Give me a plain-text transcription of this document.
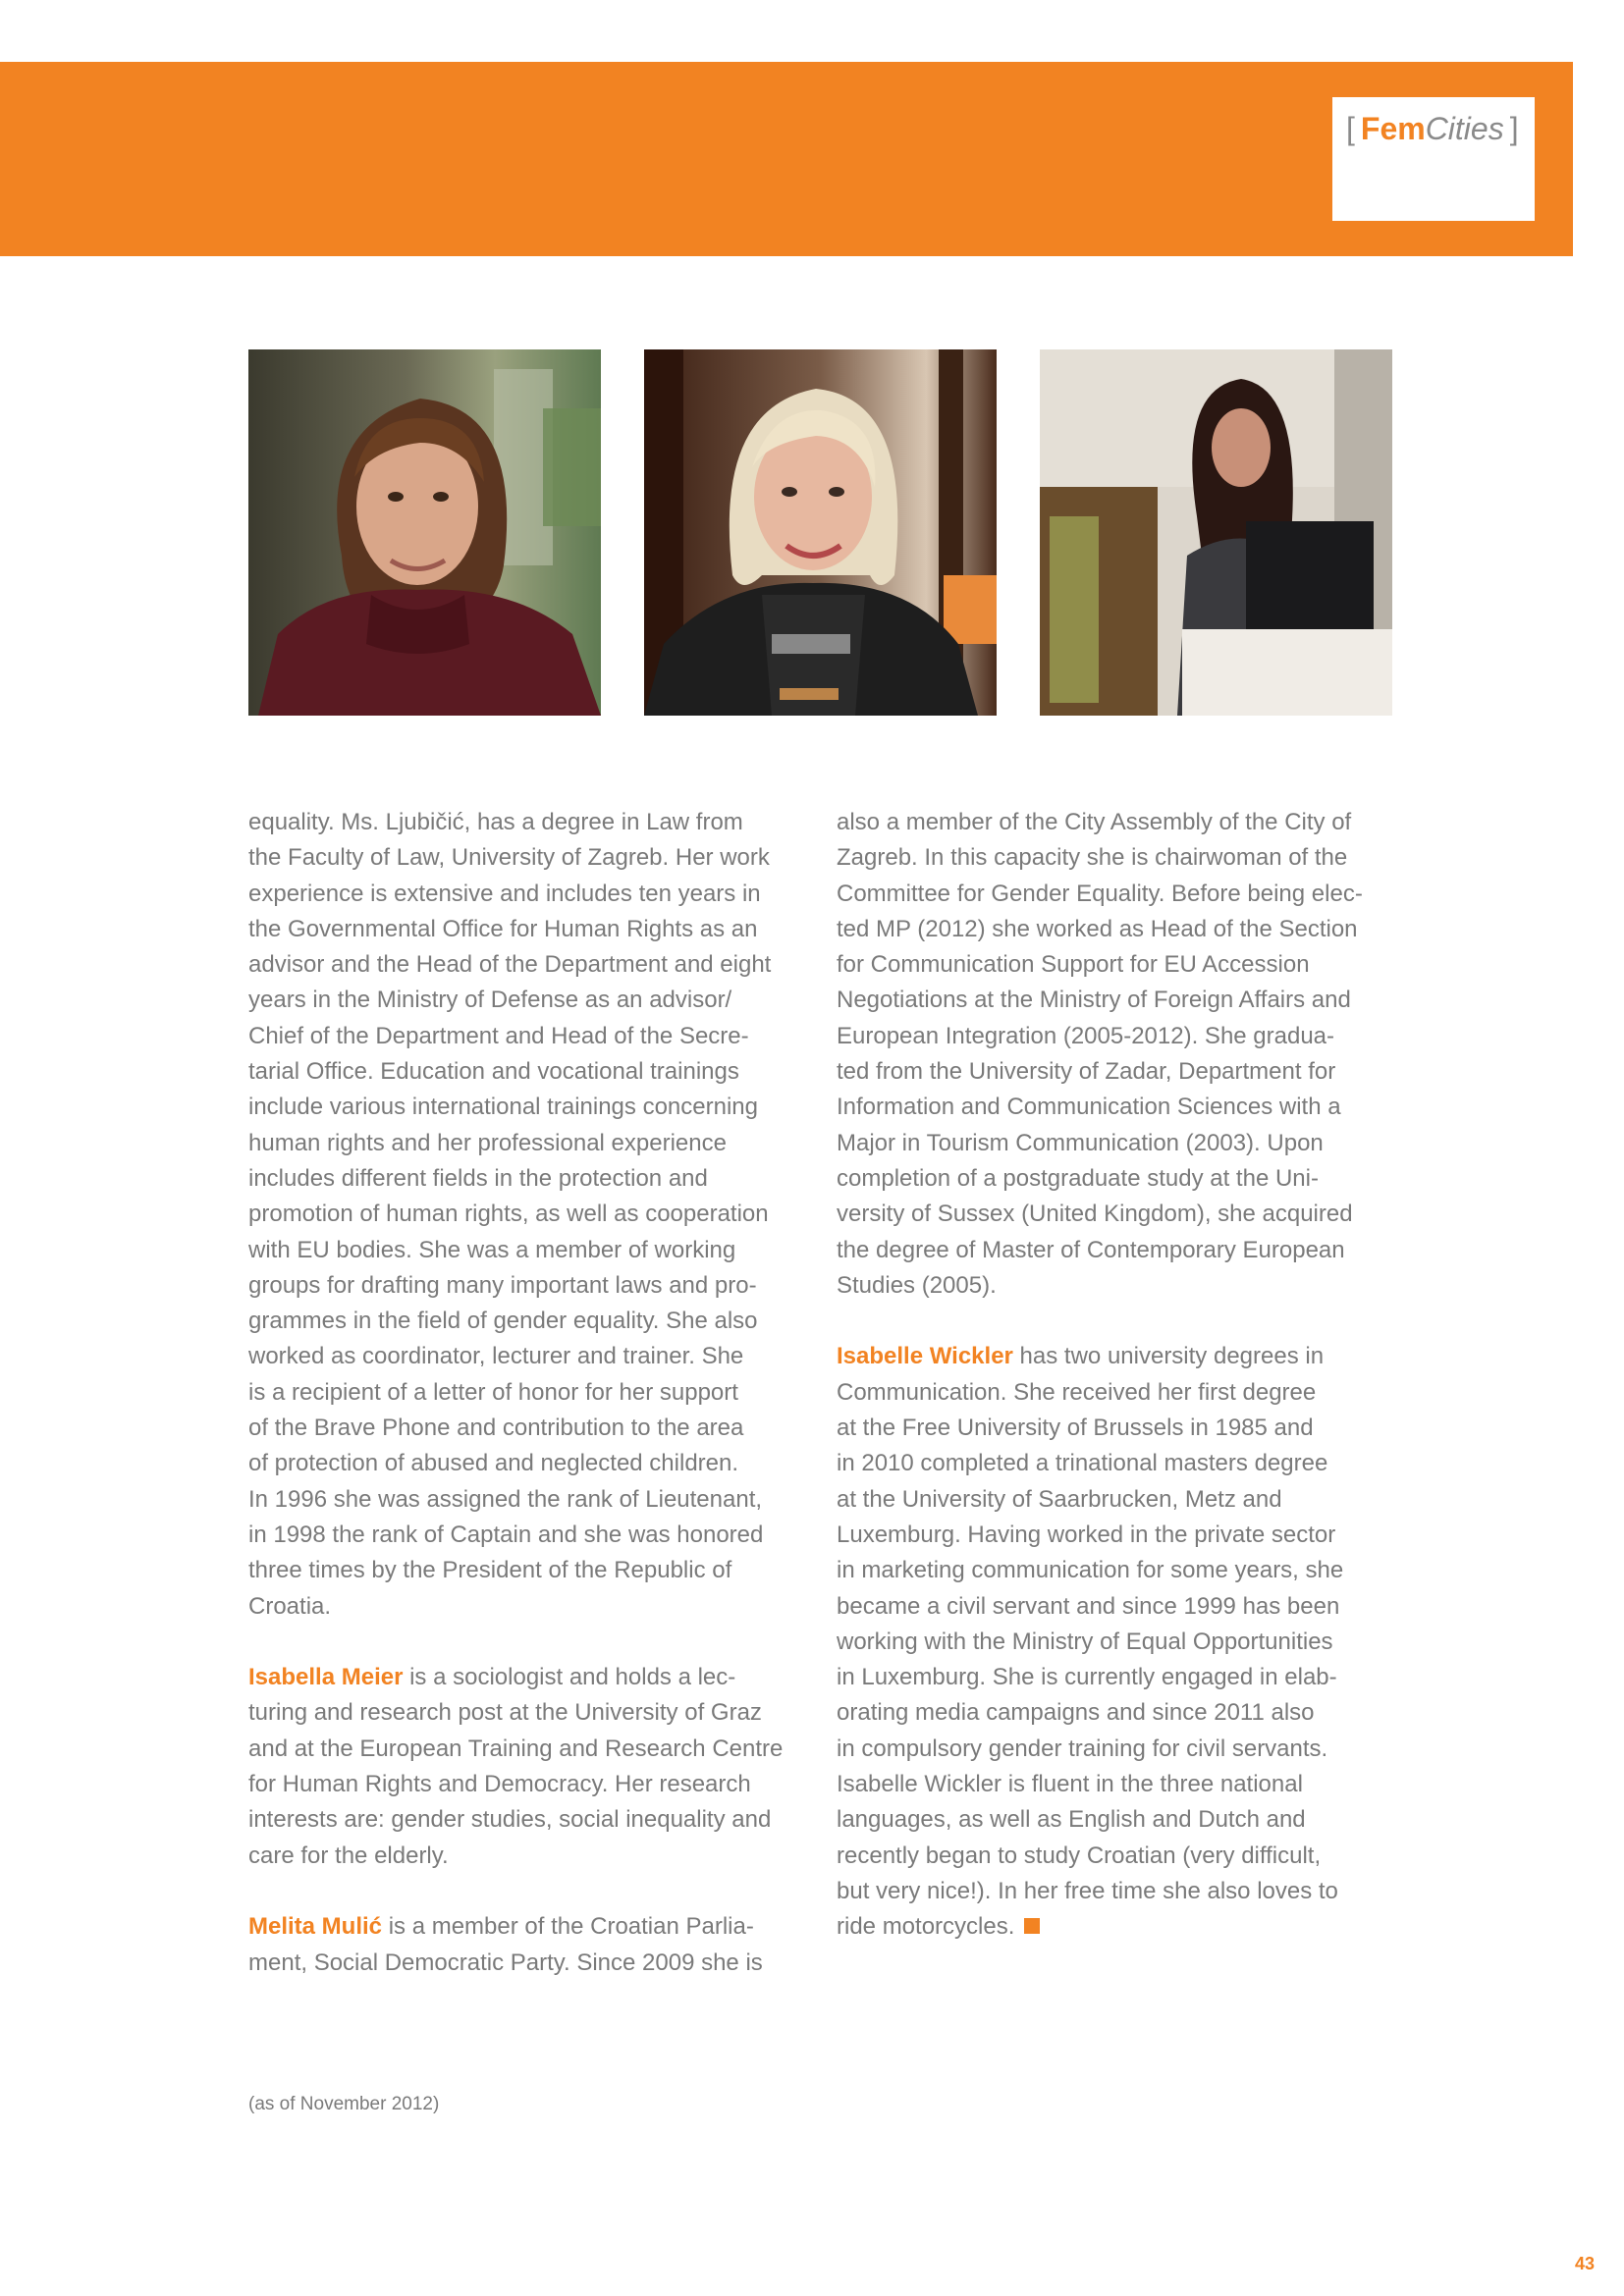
[ FemCities ]
equality. Ms. Ljubičić, has a degree in Law from
the Faculty of Law, University of Zagreb. Her work
experience is extensive and includes ten years in
the Governmental Office for Human Rights as an
advisor and the Head of the Department and eight
years in the Ministry of Defense as an advisor/
Chief of the Department and Head of the Secre-
tarial Office. Education and vocational trainings
include various international trainings concerning
human rights and her professional experience
includes different fields in the protection and
promotion of human rights, as well as cooperation
with EU bodies. She was a member of working
groups for drafting many important laws and pro-
grammes in the field of gender equality. She also
worked as coordinator, lecturer and trainer. She
is a recipient of a letter of honor for her support
of the Brave Phone and contribution to the area
of protection of abused and neglected children.
In 1996 she was assigned the rank of Lieutenant,
in 1998 the rank of Captain and she was honored
three times by the President of the Republic of
Croatia.
Isabella Meier is a sociologist and holds a lec-
turing and research post at the University of Graz
and at the European Training and Research Centre
for Human Rights and Democracy. Her research
interests are: gender studies, social inequality and
care for the elderly.
Melita Mulić is a member of the Croatian Parlia-
ment, Social Democratic Party. Since 2009 she is
also a member of the City Assembly of the City of
Zagreb. In this capacity she is chairwoman of the
Committee for Gender Equality. Before being elec-
ted MP (2012) she worked as Head of the Section
for Communication Support for EU Accession
Negotiations at the Ministry of Foreign Affairs and
European Integration (2005-2012). She gradua-
ted from the University of Zadar, Department for
Information and Communication Sciences with a
Major in Tourism Communication (2003). Upon
completion of a postgraduate study at the Uni-
versity of Sussex (United Kingdom), she acquired
the degree of Master of Contemporary European
Studies (2005).
Isabelle Wickler has two university degrees in
Communication. She received her first degree
at the Free University of Brussels in 1985 and
in 2010 completed a trinational masters degree
at the University of Saarbrucken, Metz and
Luxemburg. Having worked in the private sector
in marketing communication for some years, she
became a civil servant and since 1999 has been
working with the Ministry of Equal Opportunities
in Luxemburg. She is currently engaged in elab-
orating media campaigns and since 2011 also
in compulsory gender training for civil servants.
Isabelle Wickler is fluent in the three national
languages, as well as English and Dutch and
recently began to study Croatian (very difficult,
but very nice!). In her free time she also loves to
ride motorcycles.
(as of November 2012)
43
